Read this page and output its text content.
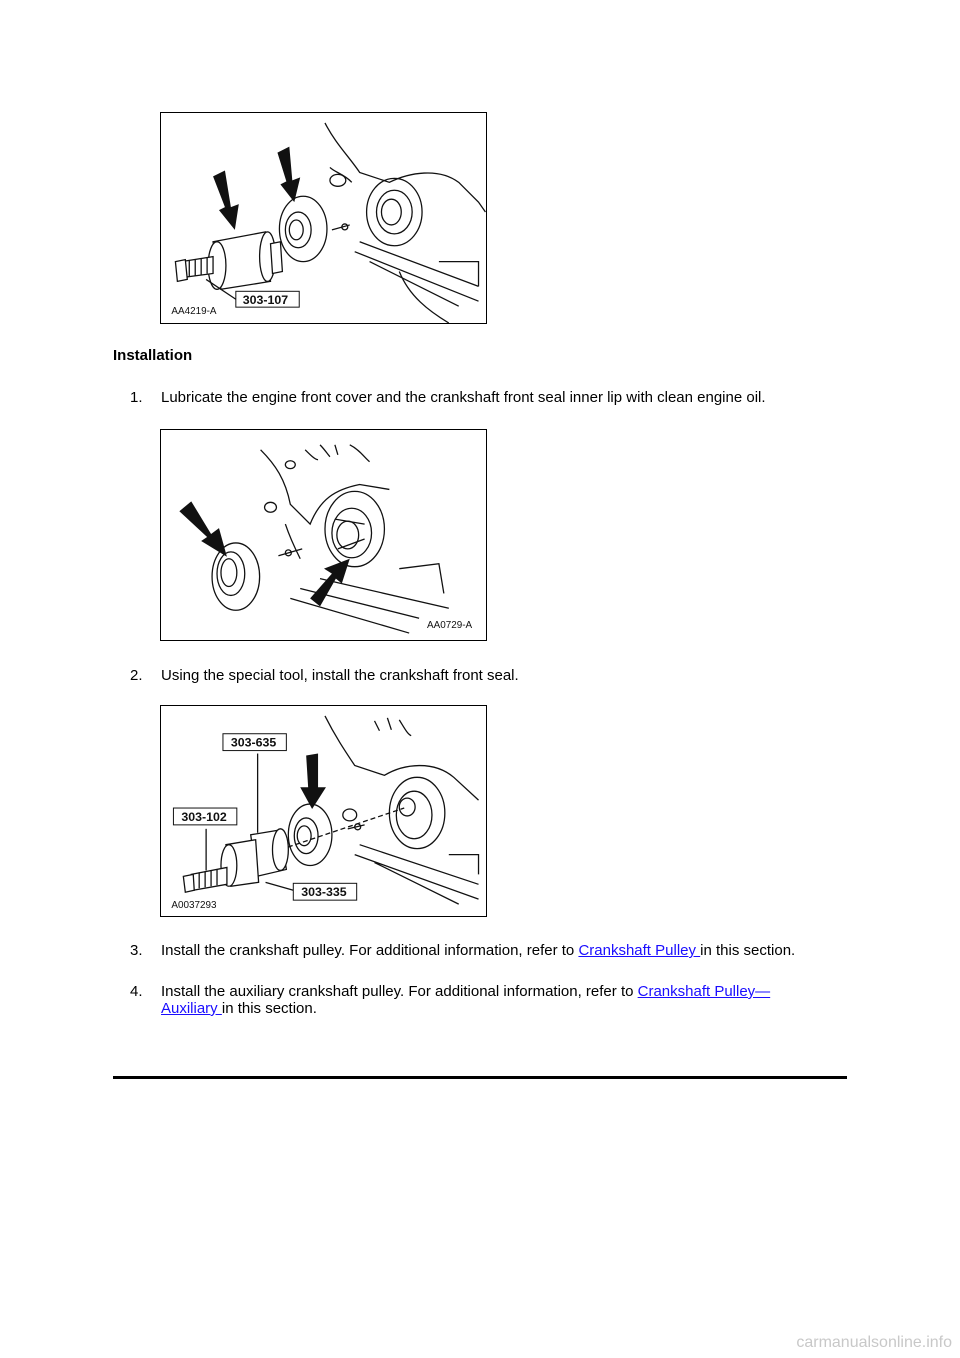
303-107
AA4219-A
Installation
1.	Lubricate the engine front cover and the crankshaft front seal inner lip with clean engine oil.
AA0729-A
2.	Using the special tool, install the crankshaft front seal.
303-635
303-102
303-335
A0037293
3.	Install the crankshaft pulley. For additional information, refer to Crankshaft Pulley in this section.
4.	Install the auxiliary crankshaft pulley. For additional information, refer to Crankshaft Pulley—
Auxiliary in this section.
carmanualsonline.info
